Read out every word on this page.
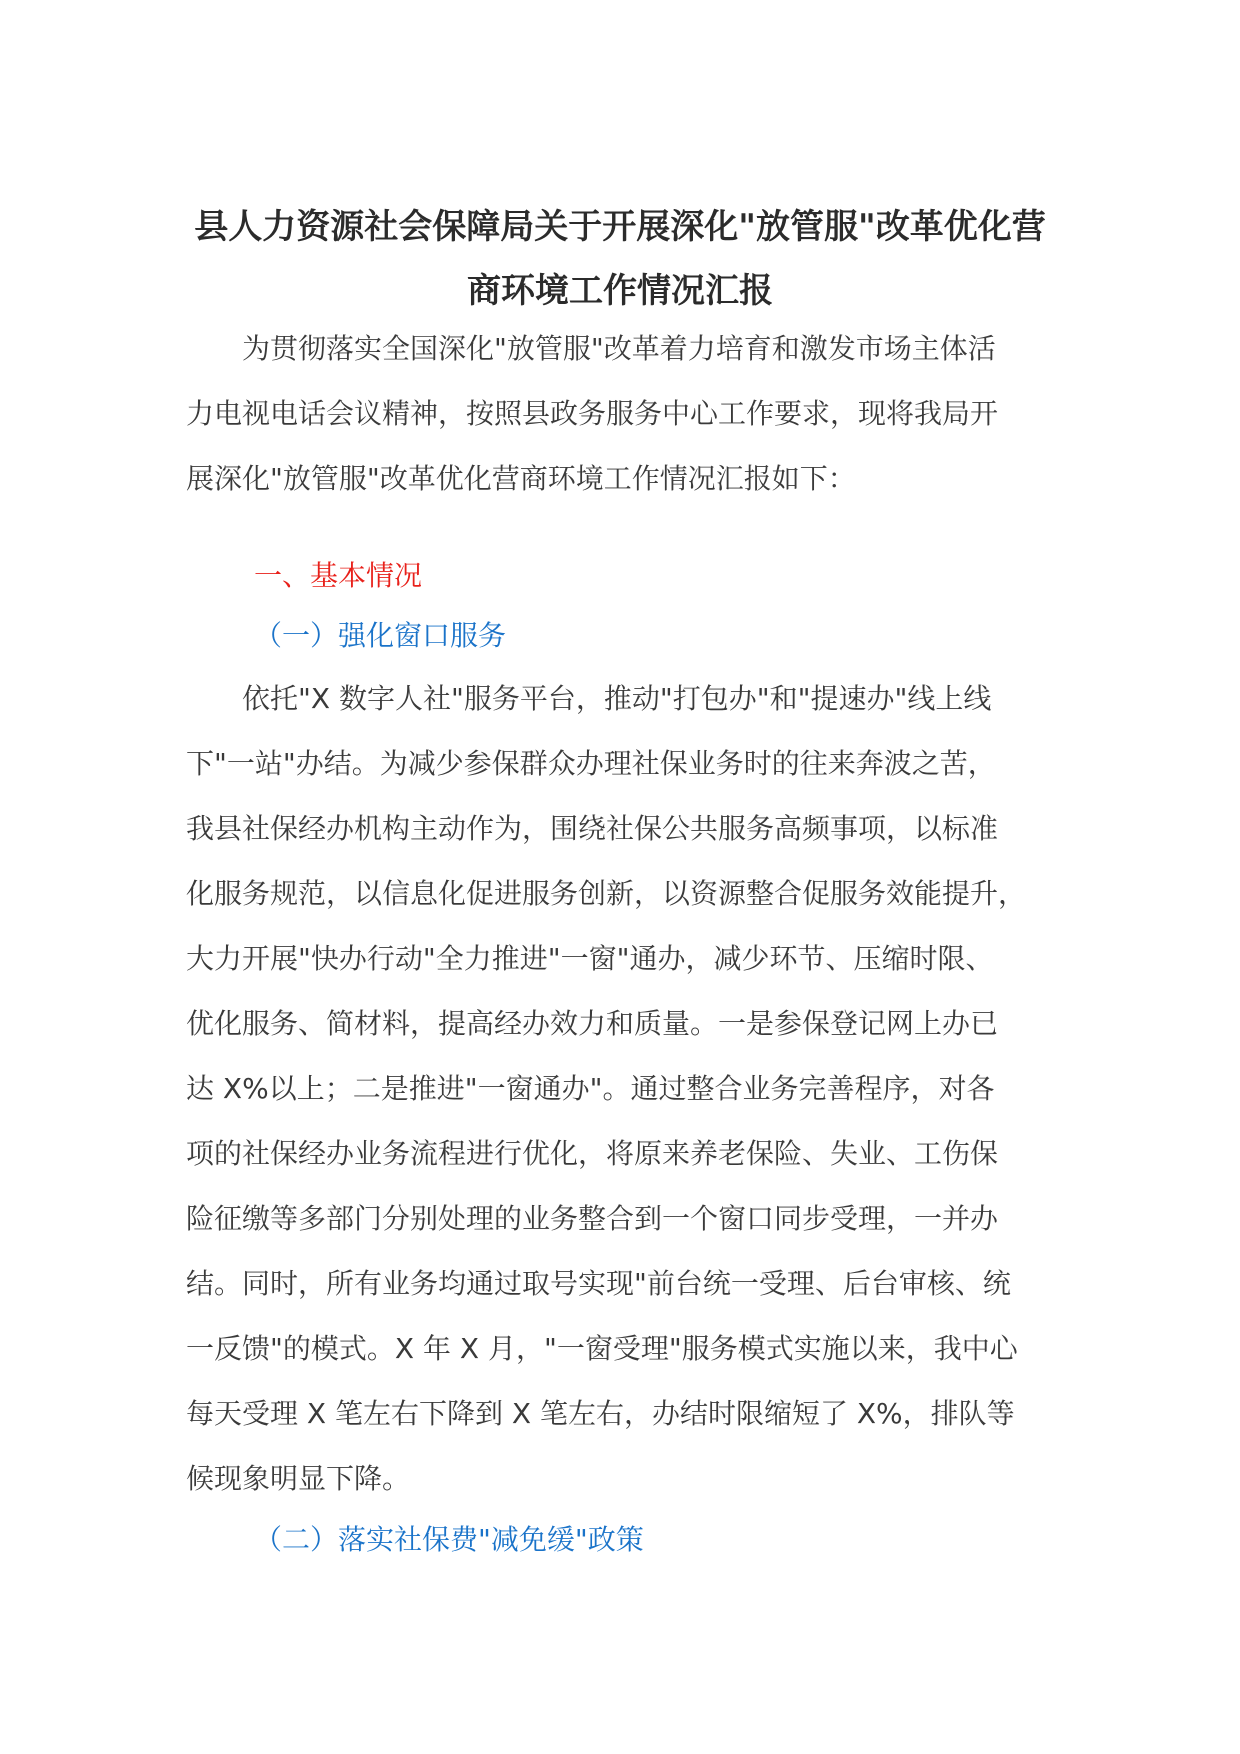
县人力资源社会保障局关于开展深化"放管服"改革优化营
商环境工作情况汇报
为贯彻落实全国深化"放管服"改革着力培育和激发市场主体活
力电视电话会议精神，按照县政务服务中心工作要求，现将我局开
展深化"放管服"改革优化营商环境工作情况汇报如下：
一、基本情况
（一）强化窗口服务
依托"X 数字人社"服务平台，推动"打包办"和"提速办"线上线
下"一站"办结。为减少参保群众办理社保业务时的往来奔波之苦，
我县社保经办机构主动作为，围绕社保公共服务高频事项，以标准
化服务规范，以信息化促进服务创新，以资源整合促服务效能提升，
大力开展"快办行动"全力推进"一窗"通办，减少环节、压缩时限、
优化服务、简材料，提高经办效力和质量。一是参保登记网上办已
达 X%以上；二是推进"一窗通办"。通过整合业务完善程序，对各
项的社保经办业务流程进行优化，将原来养老保险、失业、工伤保
险征缴等多部门分别处理的业务整合到一个窗口同步受理，一并办
结。同时，所有业务均通过取号实现"前台统一受理、后台审核、统
一反馈"的模式。X 年 X 月，"一窗受理"服务模式实施以来，我中心
每天受理 X 笔左右下降到 X 笔左右，办结时限缩短了 X%，排队等
候现象明显下降。
（二）落实社保费"减免缓"政策
